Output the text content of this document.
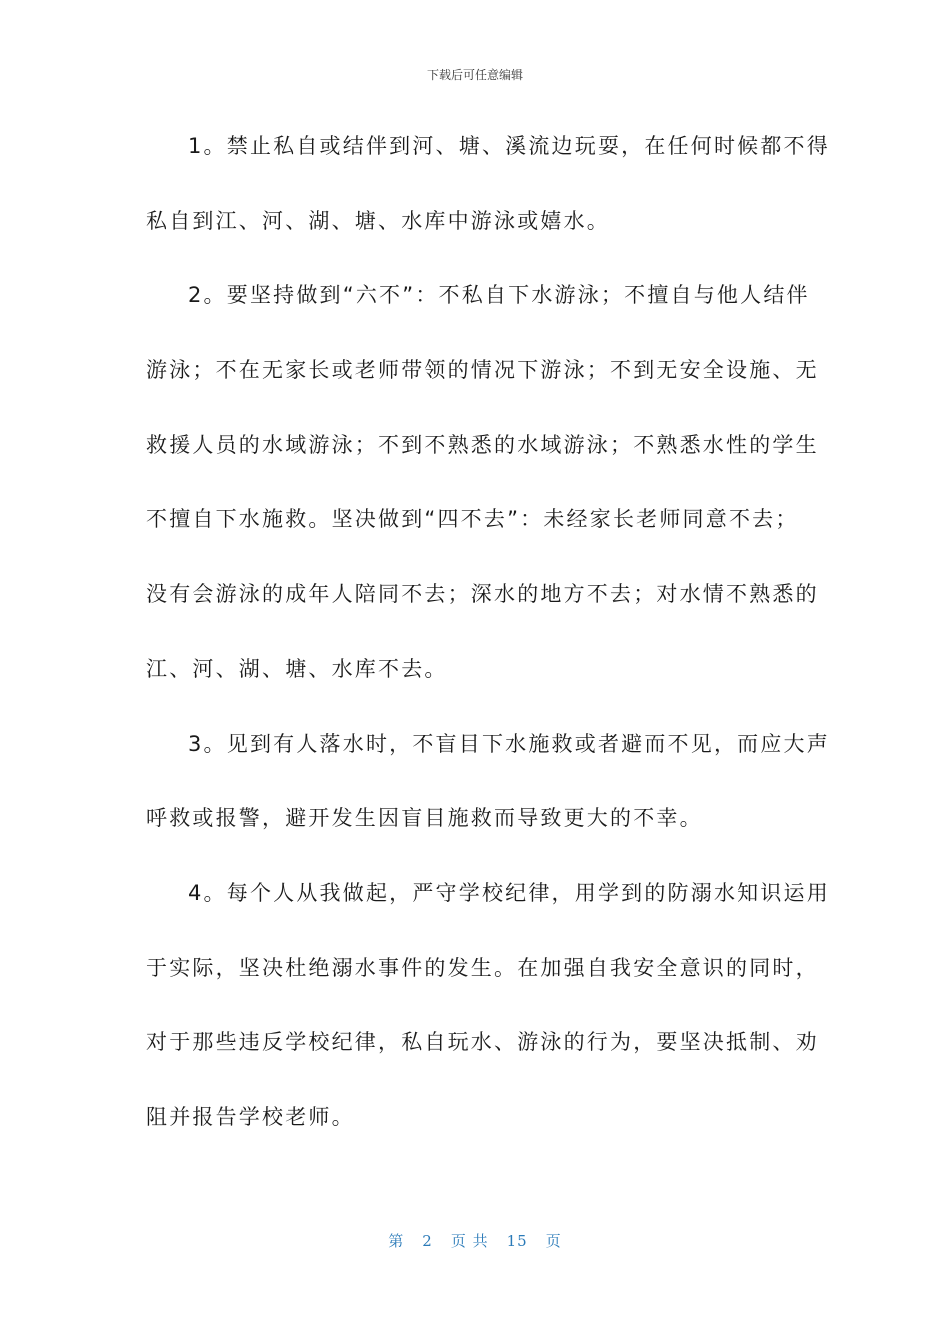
下载后可任意编辑
1。禁止私自或结伴到河、塘、溪流边玩耍，在任何时候都不得
私自到江、河、湖、塘、水库中游泳或嬉水。
2。要坚持做到“六不”：不私自下水游泳；不擅自与他人结伴
游泳；不在无家长或老师带领的情况下游泳；不到无安全设施、无
救援人员的水域游泳；不到不熟悉的水域游泳；不熟悉水性的学生
不擅自下水施救。坚决做到“四不去”：未经家长老师同意不去；
没有会游泳的成年人陪同不去；深水的地方不去；对水情不熟悉的
江、河、湖、塘、水库不去。
3。见到有人落水时，不盲目下水施救或者避而不见，而应大声
呼救或报警，避开发生因盲目施救而导致更大的不幸。
4。每个人从我做起，严守学校纪律，用学到的防溺水知识运用
于实际，坚决杜绝溺水事件的发生。在加强自我安全意识的同时，
对于那些违反学校纪律，私自玩水、游泳的行为，要坚决抵制、劝
阻并报告学校老师。
第 2 页 共 15 页
